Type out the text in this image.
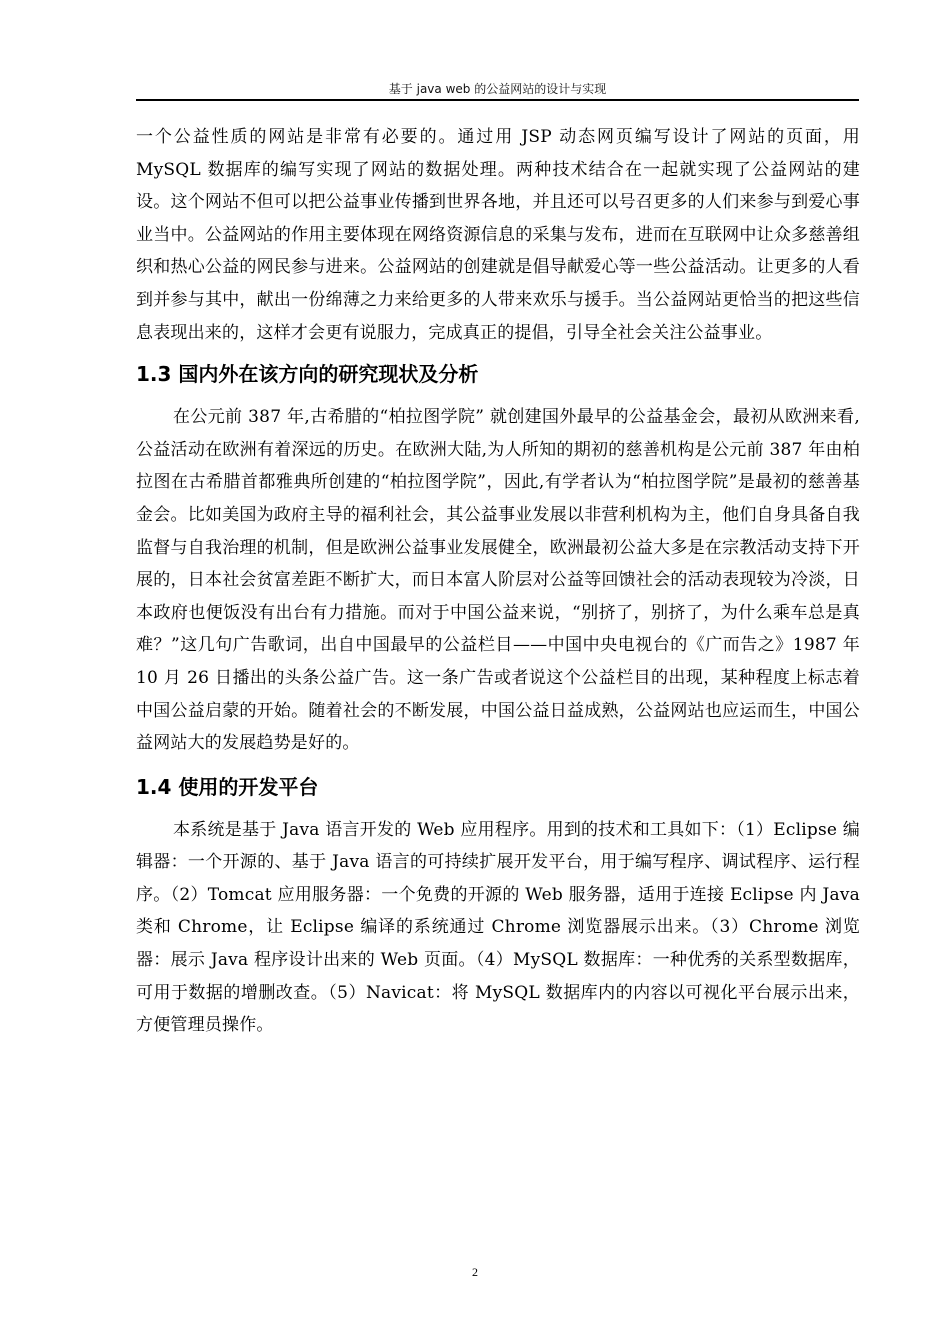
基于 java web 的公益网站的设计与实现

一个公益性质的网站是非常有必要的。通过用 JSP 动态网页编写设计了网站的页面，用 MySQL 数据库的编写实现了网站的数据处理。两种技术结合在一起就实现了公益网站的建设。这个网站不但可以把公益事业传播到世界各地，并且还可以号召更多的人们来参与到爱心事业当中。公益网站的作用主要体现在网络资源信息的采集与发布，进而在互联网中让众多慈善组织和热心公益的网民参与进来。公益网站的创建就是倡导献爱心等一些公益活动。让更多的人看到并参与其中，献出一份绵薄之力来给更多的人带来欢乐与援手。当公益网站更恰当的把这些信息表现出来的，这样才会更有说服力，完成真正的提倡，引导全社会关注公益事业。

1.3 国内外在该方向的研究现状及分析

在公元前 387 年,古希腊的“柏拉图学院” 就创建国外最早的公益基金会，最初从欧洲来看,公益活动在欧洲有着深远的历史。在欧洲大陆,为人所知的期初的慈善机构是公元前 387 年由柏拉图在古希腊首都雅典所创建的“柏拉图学院”，因此,有学者认为“柏拉图学院”是最初的慈善基金会。比如美国为政府主导的福利社会，其公益事业发展以非营利机构为主，他们自身具备自我监督与自我治理的机制，但是欧洲公益事业发展健全，欧洲最初公益大多是在宗教活动支持下开展的，日本社会贫富差距不断扩大，而日本富人阶层对公益等回馈社会的活动表现较为冷淡，日本政府也便饭没有出台有力措施。而对于中国公益来说，“别挤了，别挤了，为什么乘车总是真难？”这几句广告歌词，出自中国最早的公益栏目——中国中央电视台的《广而告之》1987 年 10 月 26 日播出的头条公益广告。这一条广告或者说这个公益栏目的出现，某种程度上标志着中国公益启蒙的开始。随着社会的不断发展，中国公益日益成熟，公益网站也应运而生，中国公益网站大的发展趋势是好的。

1.4 使用的开发平台

本系统是基于 Java 语言开发的 Web 应用程序。用到的技术和工具如下：（1）Eclipse 编辑器：一个开源的、基于 Java 语言的可持续扩展开发平台，用于编写程序、调试程序、运行程序。（2）Tomcat 应用服务器：一个免费的开源的 Web 服务器，适用于连接 Eclipse 内 Java 类和 Chrome，让 Eclipse 编译的系统通过 Chrome 浏览器展示出来。（3）Chrome 浏览器：展示 Java 程序设计出来的 Web 页面。（4）MySQL 数据库：一种优秀的关系型数据库，可用于数据的增删改查。（5）Navicat：将 MySQL 数据库内的内容以可视化平台展示出来，方便管理员操作。

2
